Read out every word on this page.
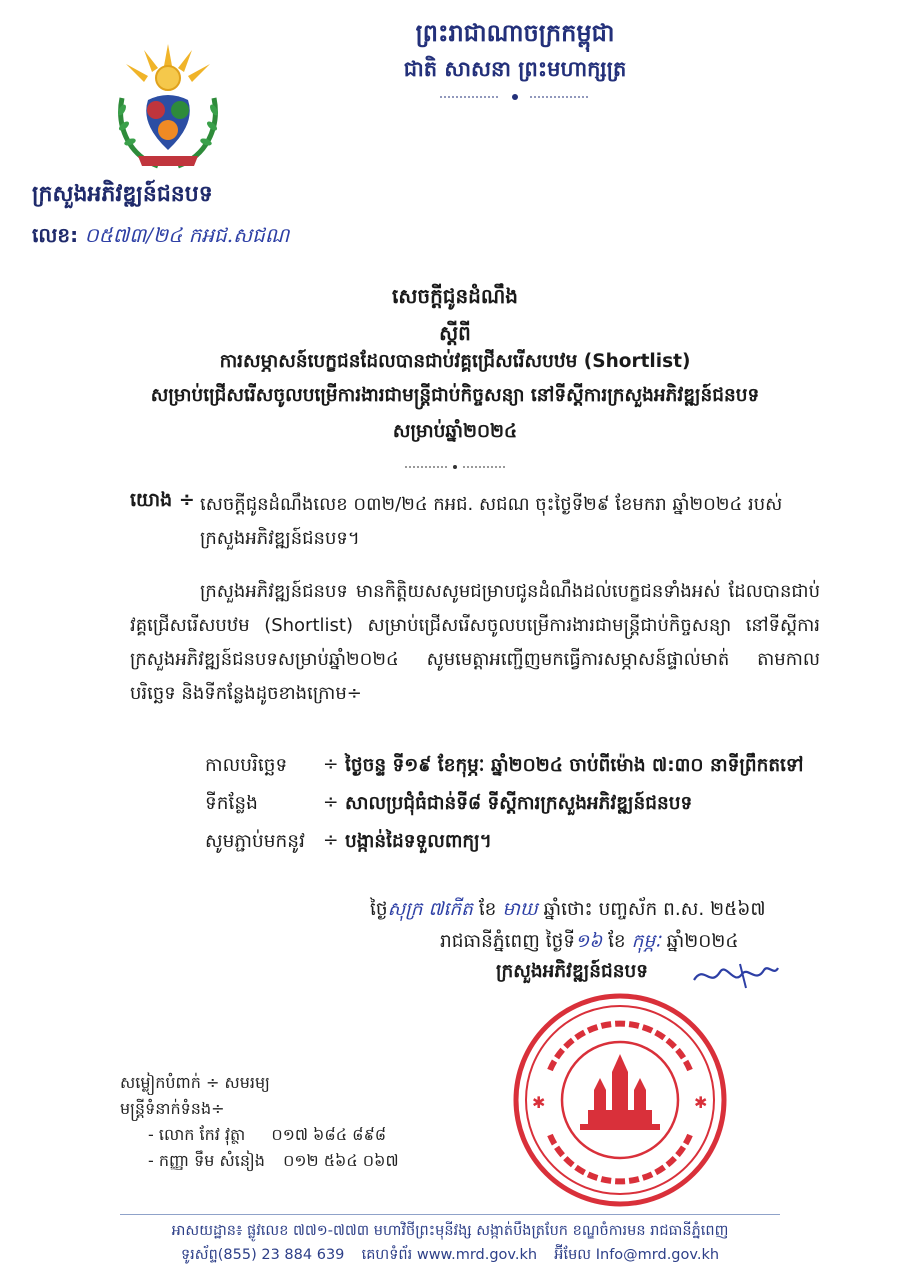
ព្រះរាជាណាចក្រកម្ពុជា
ជាតិ សាសនា ព្រះមហាក្សត្រ
ក្រសួងអភិវឌ្ឍន៍ជនបទ
លេខ: ០៥៧៣/២៤ កអជ.សជណ
សេចក្តីជូនដំណឹង
ស្តីពី
ការសម្ភាសន៍បេក្ខជនដែលបានជាប់វគ្គជ្រើសរើសបឋម (Shortlist)
សម្រាប់ជ្រើសរើសចូលបម្រើការងារជាមន្ត្រីជាប់កិច្ចសន្យា នៅទីស្តីការក្រសួងអភិវឌ្ឍន៍ជនបទ
សម្រាប់ឆ្នាំ២០២៤
យោង ÷ សេចក្តីជូនដំណឹងលេខ ០៣២/២៤ កអជ. សជណ ចុះថ្ងៃទី២៩ ខែមករា ឆ្នាំ២០២៤ របស់ក្រសួងអភិវឌ្ឍន៍ជនបទ។
ក្រសួងអភិវឌ្ឍន៍ជនបទ មានកិត្តិយសសូមជម្រាបជូនដំណឹងដល់បេក្ខជនទាំងអស់ ដែលបានជាប់វគ្គជ្រើសរើសបឋម (Shortlist) សម្រាប់ជ្រើសរើសចូលបម្រើការងារជាមន្ត្រីជាប់កិច្ចសន្យា នៅទីស្តីការក្រសួងអភិវឌ្ឍន៍ជនបទសម្រាប់ឆ្នាំ២០២៤ សូមមេត្តាអញ្ជើញមកធ្វើការសម្ភាសន៍ផ្ទាល់មាត់ តាមកាលបរិច្ឆេទ និងទីកន្លែងដូចខាងក្រោម÷
កាលបរិច្ឆេទ	÷ ថ្ងៃចន្ទ ទី១៩ ខែកុម្ភៈ ឆ្នាំ២០២៤ ចាប់ពីម៉ោង ៧:៣០ នាទីព្រឹកតទៅ
ទីកន្លែង	÷ សាលប្រជុំធំជាន់ទី៨ ទីស្តីការក្រសួងអភិវឌ្ឍន៍ជនបទ
សូមភ្ជាប់មកនូវ ÷ បង្កាន់ដៃទទួលពាក្យ។
ថ្ងៃសុក្រ ៧កើត ខែ មាឃ ឆ្នាំថោះ បញ្ចស័ក ព.ស. ២៥៦៧
រាជធានីភ្នំពេញ ថ្ងៃទី១៦ ខែ កុម្ភៈ ឆ្នាំ២០២៤
ក្រសួងអភិវឌ្ឍន៍ជនបទ
✱	✱
សម្លៀកបំពាក់ ÷ សមរម្យ
មន្ត្រីទំនាក់ទំនង÷
- លោក កែវ វុត្ថា ០១៧ ៦៨៤ ៨៩៨
- កញ្ញា ទឹម សំនៀង ០១២ ៥៦៤ ០៦៧
អាសយដ្ឋាន៖ ផ្លូវលេខ ៧៧១-៧៧៣ មហាវិថីព្រះមុនីវង្ស សង្កាត់បឹងត្របែក ខណ្ឌចំការមន រាជធានីភ្នំពេញ
ទូរស័ព្ទ(855) 23 884 639 គេហទំព័រ www.mrd.gov.kh អ៊ីមែល Info@mrd.gov.kh
